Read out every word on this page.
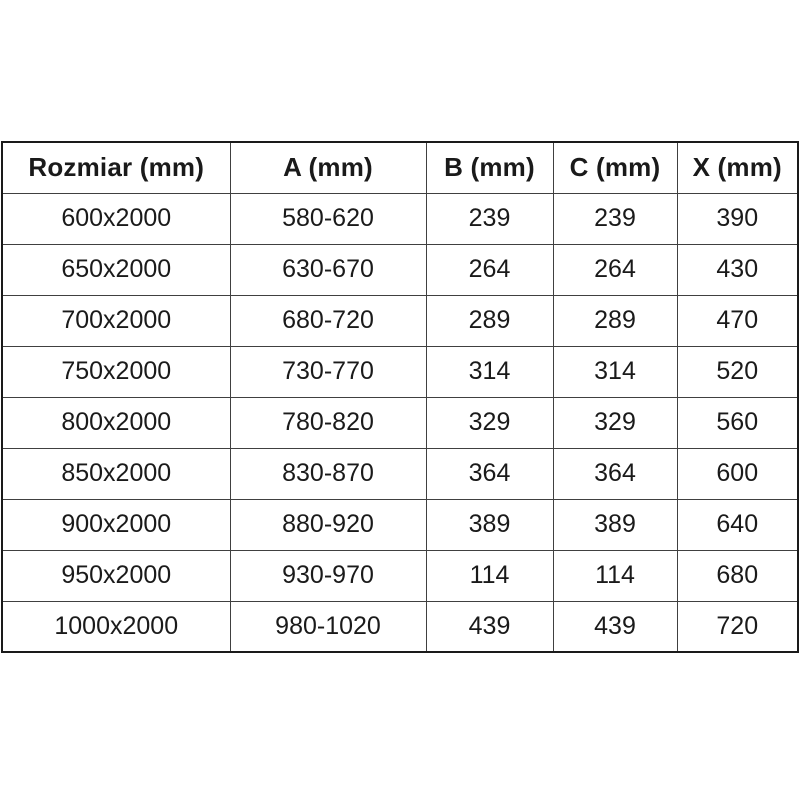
Rozmiar (mm)	A (mm)	B (mm)	C (mm)	X (mm)
600x2000	580-620	239	239	390
650x2000	630-670	264	264	430
700x2000	680-720	289	289	470
750x2000	730-770	314	314	520
800x2000	780-820	329	329	560
850x2000	830-870	364	364	600
900x2000	880-920	389	389	640
950x2000	930-970	114	114	680
1000x2000	980-1020	439	439	720
